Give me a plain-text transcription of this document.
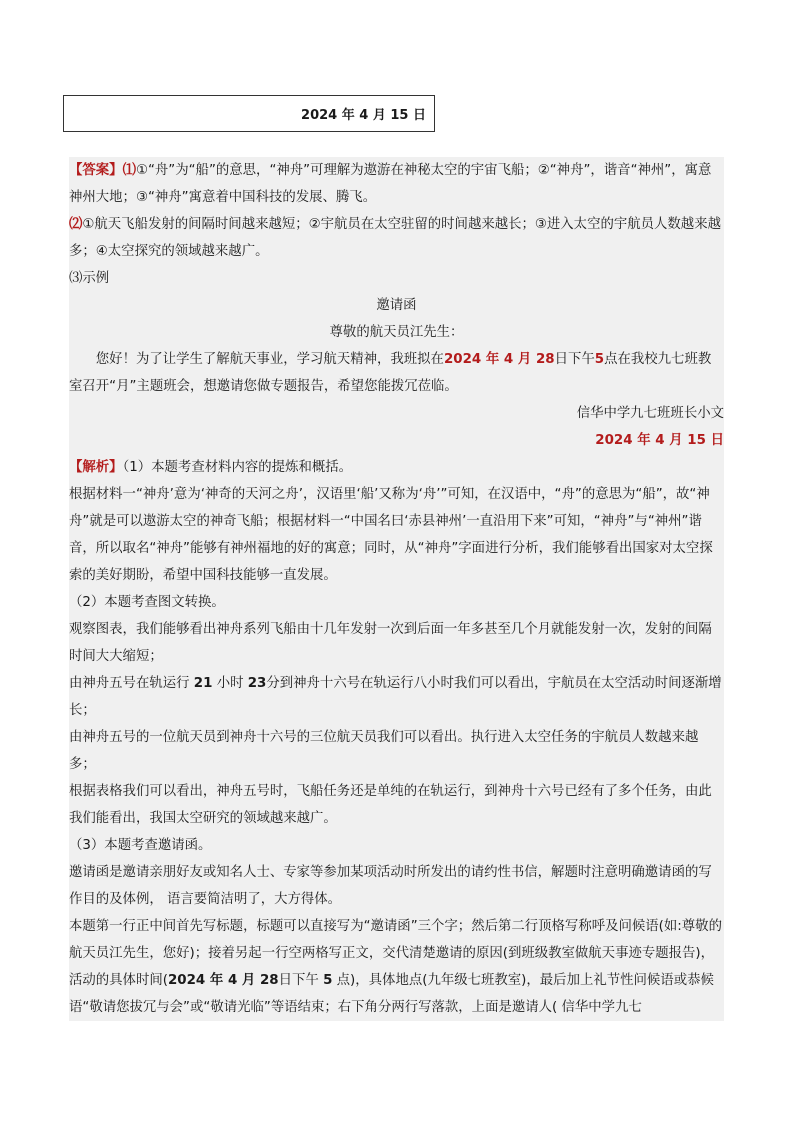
2024 年 4 月 15 日

【答案】⑴①“舟”为“船”的意思，“神舟”可理解为遨游在神秘太空的宇宙飞船；②“神舟”，谐音“神州”，寓意神州大地；③“神舟”寓意着中国科技的发展、腾飞。

⑵①航天飞船发射的间隔时间越来越短；②宇航员在太空驻留的时间越来越长；③进入太空的宇航员人数越来越多；④太空探究的领域越来越广。

⑶示例

邀请函

尊敬的航天员江先生：

您好！为了让学生了解航天事业，学习航天精神，我班拟在2024 年 4 月 28日下午5点在我校九七班教室召开“月”主题班会，想邀请您做专题报告，希望您能拨冗莅临。

信华中学九七班班长小文

2024 年 4 月 15 日

【解析】（1）本题考查材料内容的提炼和概括。

根据材料一“神舟’意为‘神奇的天河之舟’，汉语里‘船’又称为‘舟’”可知，在汉语中，“舟”的意思为“船”，故“神舟”就是可以遨游太空的神奇飞船；根据材料一“中国名曰‘赤县神州’一直沿用下来”可知，“神舟”与“神州”谐音，所以取名“神舟”能够有神州福地的好的寓意；同时，从“神舟”字面进行分析，我们能够看出国家对太空探索的美好期盼，希望中国科技能够一直发展。

（2）本题考查图文转换。

观察图表，我们能够看出神舟系列飞船由十几年发射一次到后面一年多甚至几个月就能发射一次，发射的间隔时间大大缩短；

由神舟五号在轨运行 21 小时 23分到神舟十六号在轨运行八小时我们可以看出，宇航员在太空活动时间逐渐增长；

由神舟五号的一位航天员到神舟十六号的三位航天员我们可以看出。执行进入太空任务的宇航员人数越来越多；

根据表格我们可以看出，神舟五号时，飞船任务还是单纯的在轨运行，到神舟十六号已经有了多个任务，由此我们能看出，我国太空研究的领域越来越广。

（3）本题考查邀请函。

邀请函是邀请亲朋好友或知名人士、专家等参加某项活动时所发出的请约性书信，解题时注意明确邀请函的写作目的及体例， 语言要简洁明了，大方得体。

本题第一行正中间首先写标题，标题可以直接写为“邀请函”三个字；然后第二行顶格写称呼及问候语(如:尊敬的航天员江先生，您好)；接着另起一行空两格写正文，交代清楚邀请的原因(到班级教室做航天事迹专题报告)，活动的具体时间(2024 年 4 月 28日下午 5 点)，具体地点(九年级七班教室)，最后加上礼节性问候语或恭候语“敬请您拔冗与会”或“敬请光临”等语结束；右下角分两行写落款，上面是邀请人( 信华中学九七
